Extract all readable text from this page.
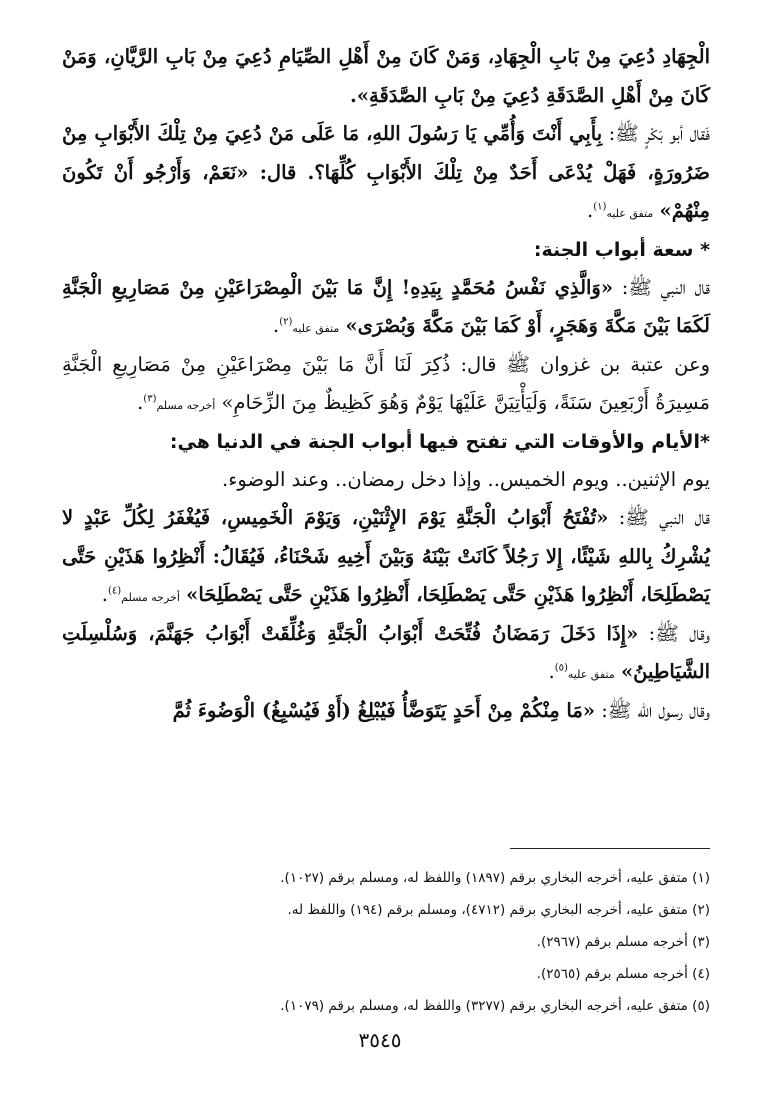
الْجِهَادِ دُعِيَ مِنْ بَابِ الْجِهَادِ، وَمَنْ كَانَ مِنْ أَهْلِ الصِّيَامِ دُعِيَ مِنْ بَابِ الرَّيَّانِ، وَمَنْ كَانَ مِنْ أَهْلِ الصَّدَقَةِ دُعِيَ مِنْ بَابِ الصَّدَقَةِ».

فَقال أبو بَكْرٍ ﷺ: بِأَبِي أَنْتَ وَأُمِّي يَا رَسُولَ اللهِ، مَا عَلَى مَنْ دُعِيَ مِنْ تِلْكَ الأَبْوَابِ مِنْ ضَرُورَةٍ، فَهَلْ يُدْعَى أَحَدٌ مِنْ تِلْكَ الأَبْوَابِ كُلِّهَا؟. قال: «نَعَمْ، وَأَرْجُو أَنْ تَكُونَ مِنْهُمْ» متفق عليه$^{(١)}$.

* سعة أبواب الجنة:

قال النبي ﷺ: «وَالَّذِي نَفْسُ مُحَمَّدٍ بِيَدِهِ! إِنَّ مَا بَيْنَ الْمِصْرَاعَيْنِ مِنْ مَصَارِيعِ الْجَنَّةِ لَكَمَا بَيْنَ مَكَّةَ وَهَجَرٍ، أَوْ كَمَا بَيْنَ مَكَّةَ وَبُصْرَى» متفق عليه$^{(٢)}$.

وعن عتبة بن غزوان ﷺ قال: ذُكِرَ لَنَا أَنَّ مَا بَيْنَ مِصْرَاعَيْنِ مِنْ مَصَارِيعِ الْجَنَّةِ مَسِيرَةُ أَرْبَعِينَ سَنَةً، وَلَيَأْتِيَنَّ عَلَيْهَا يَوْمٌ وَهُوَ كَظِيظٌ مِنَ الزِّحَامِ» أخرجه مسلم$^{(٣)}$.

*الأيام والأوقات التي تفتح فيها أبواب الجنة في الدنيا هي:

يوم الإثنين.. ويوم الخميس.. وإذا دخل رمضان.. وعند الوضوء.

قال النبي ﷺ: «تُفْتَحُ أَبْوَابُ الْجَنَّةِ يَوْمَ الإِثْنَيْنِ، وَيَوْمَ الْخَمِيسِ، فَيُغْفَرُ لِكُلِّ عَبْدٍ لا يُشْرِكُ بِاللهِ شَيْئًا، إِلا رَجُلاً كَانَتْ بَيْنَهُ وَبَيْنَ أَخِيهِ شَحْنَاءُ، فَيُقَالُ: أَنْظِرُوا هَذَيْنِ حَتَّى يَصْطَلِحَا، أَنْظِرُوا هَذَيْنِ حَتَّى يَصْطَلِحَا، أَنْظِرُوا هَذَيْنِ حَتَّى يَصْطَلِحَا» أخرجه مسلم$^{(٤)}$.

وقال ﷺ: «إِذَا دَخَلَ رَمَضَانُ فُتِّحَتْ أَبْوَابُ الْجَنَّةِ وَغُلِّقَتْ أَبْوَابُ جَهَنَّمَ، وَسُلْسِلَتِ الشَّيَاطِينُ» متفق عليه$^{(٥)}$.

وقال رسول الله ﷺ: «مَا مِنْكُمْ مِنْ أَحَدٍ يَتَوَضَّأُ فَيُبْلِغُ (أَوْ فَيُسْبِغُ) الْوَضُوءَ ثُمَّ

(١) متفق عليه، أخرجه البخاري برقم (١٨٩٧) واللفظ له، ومسلم برقم (١٠٢٧).

(٢) متفق عليه، أخرجه البخاري برقم (٤٧١٢)، ومسلم برقم (١٩٤) واللفظ له.

(٣) أخرجه مسلم برقم (٢٩٦٧).

(٤) أخرجه مسلم برقم (٢٥٦٥).

(٥) متفق عليه، أخرجه البخاري برقم (٣٢٧٧) واللفظ له، ومسلم برقم (١٠٧٩).

٣٥٤٥
